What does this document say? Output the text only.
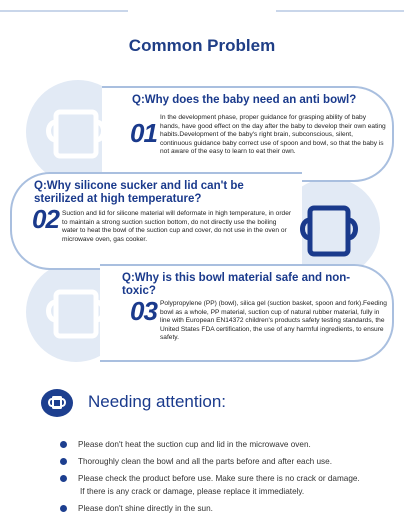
Common Problem
Q:Why does the baby need an anti bowl?
01
In the development phase, proper guidance for grasping ability of baby hands, have good effect on the day after the baby to develop their own eating habits.Development of the baby's right brain, subconscious, silent, continuous guidance baby correct use of spoon and bowl, so that the baby is not aware of the easy to learn to eat their own.
Q:Why silicone sucker and lid can't be sterilized at high temperature?
02 Suction and lid for silicone material will deformate in high temperature, in order to maintain a strong suction suction bottom, do not directly use the boiling water to heat the bowl of the suction cup and cover, do not use in the oven or microwave oven, gas cooker.
Q:Why is this bowl material safe and non-toxic?
03 Polypropylene (PP) (bowl), silica gel (suction basket, spoon and fork).Feeding bowl as a whole, PP material, suction cup of natural rubber material, fully in line with European EN14372 children's products safety testing standards, the United States FDA certification, the use of any harmful ingredients, to ensure safety.
Needing attention:
Please don't heat the suction cup and lid in the microwave oven.
Thoroughly clean the bowl and all the parts before and after each use.
Please check the product before use. Make sure there is no crack or damage.
If there is any crack or damage, please replace it immediately.
Please don't shine directly in the sun.
